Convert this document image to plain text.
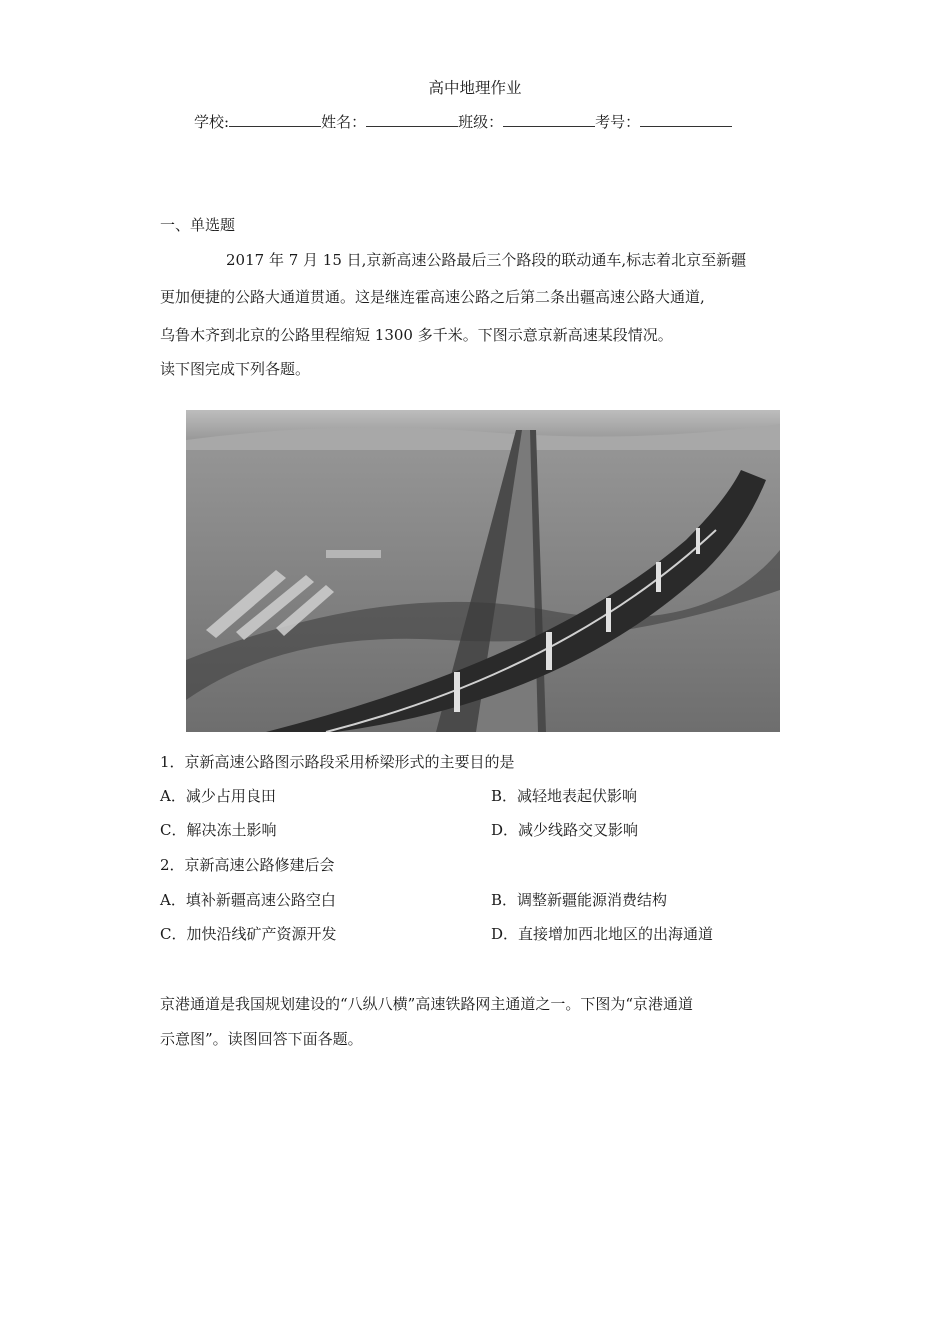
高中地理作业
学校:	姓名：	班级：	考号：
一、单选题
2017 年 7 月 15 日,京新高速公路最后三个路段的联动通车,标志着北京至新疆
更加便捷的公路大通道贯通。这是继连霍高速公路之后第二条出疆高速公路大通道,
乌鲁木齐到北京的公路里程缩短 1300 多千米。下图示意京新高速某段情况。
读下图完成下列各题。
1．京新高速公路图示路段采用桥梁形式的主要目的是
A．减少占用良田	B．减轻地表起伏影响
C．解决冻土影响	D．减少线路交叉影响
2．京新高速公路修建后会
A．填补新疆高速公路空白	B．调整新疆能源消费结构
C．加快沿线矿产资源开发	D．直接增加西北地区的出海通道
京港通道是我国规划建设的“八纵八横”高速铁路网主通道之一。下图为“京港通道
示意图”。读图回答下面各题。
